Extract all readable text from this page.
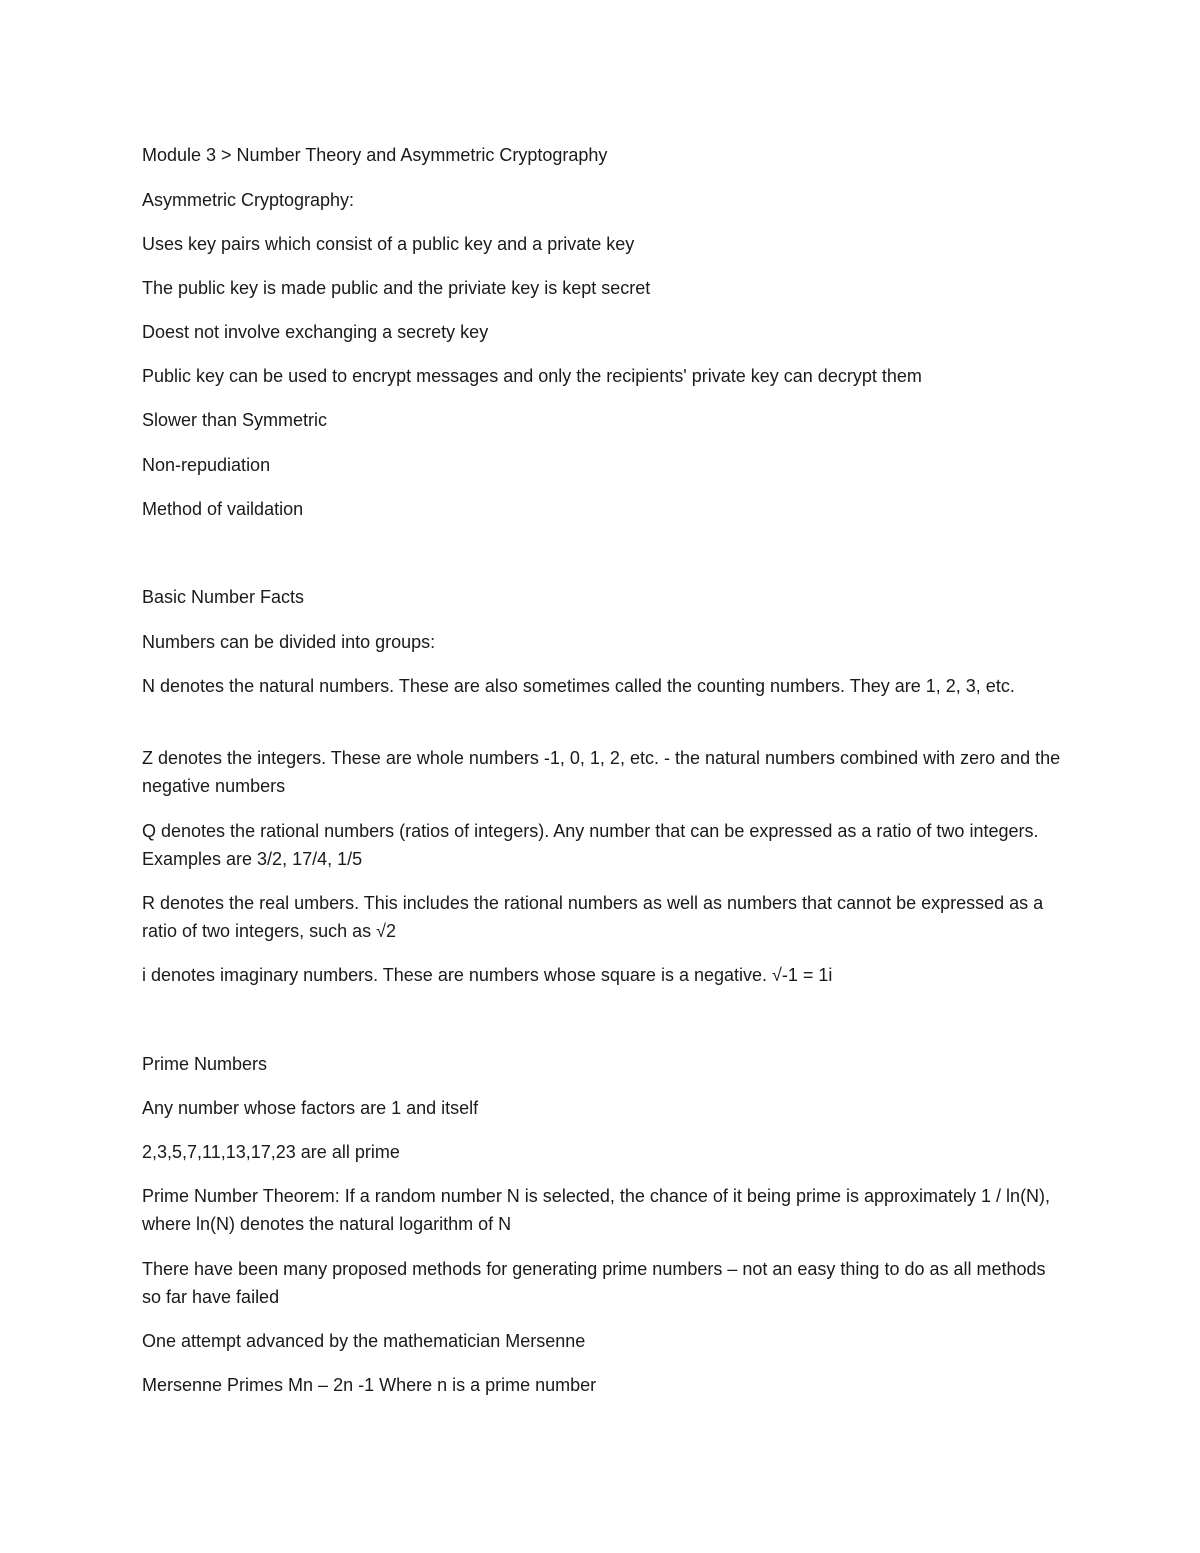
Module 3 > Number Theory and Asymmetric Cryptography

Asymmetric Cryptography:

Uses key pairs which consist of a public key and a private key

The public key is made public and the priviate key is kept secret

Doest not involve exchanging a secrety key

Public key can be used to encrypt messages and only the recipients' private key can decrypt them

Slower than Symmetric

Non-repudiation

Method of vaildation

Basic Number Facts

Numbers can be divided into groups:

N denotes the natural numbers. These are also sometimes called the counting numbers. They are 1, 2, 3, etc.

Z denotes the integers. These are whole numbers -1, 0, 1, 2, etc. - the natural numbers combined with zero and the negative numbers

Q denotes the rational numbers (ratios of integers). Any number that can be expressed as a ratio of two integers. Examples are 3/2, 17/4, 1/5

R denotes the real umbers. This includes the rational numbers as well as numbers that cannot be expressed as a ratio of two integers, such as √2

i denotes imaginary numbers. These are numbers whose square is a negative. √-1 = 1i

Prime Numbers

Any number whose factors are 1 and itself

2,3,5,7,11,13,17,23 are all prime

Prime Number Theorem: If a random number N is selected, the chance of it being prime is approximately 1 / ln(N), where ln(N) denotes the natural logarithm of N

There have been many proposed methods for generating prime numbers – not an easy thing to do as all methods so far have failed

One attempt advanced by the mathematician Mersenne

Mersenne Primes Mn – 2n -1 Where n is a prime number
